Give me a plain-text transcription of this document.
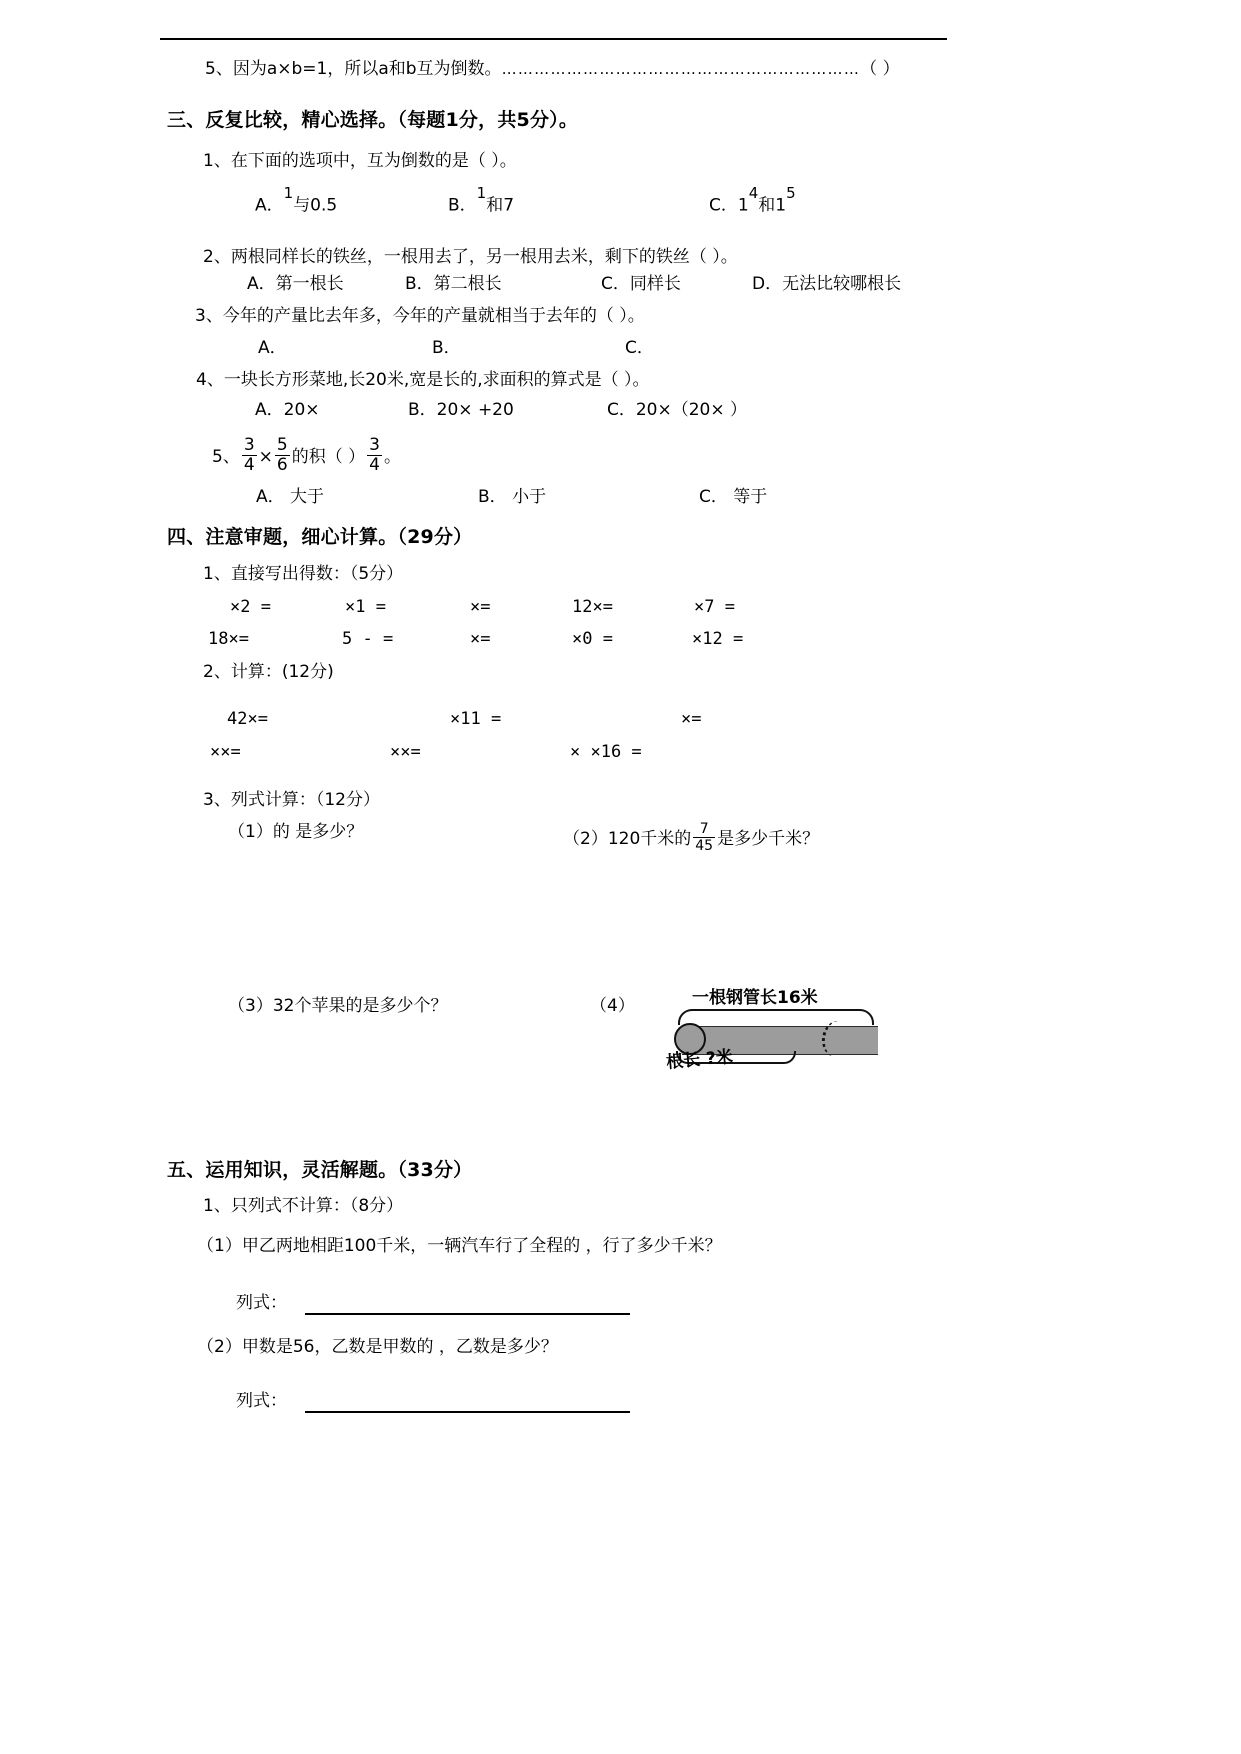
5、因为a×b=1，所以a和b互为倒数。…………………………………………………………（ ）
三、反复比较，精心选择。（每题1分，共5分）。
1、在下面的选项中，互为倒数的是（ ）。
A．1与0.5	B．1和7	C．14和15
2、两根同样长的铁丝，一根用去了，另一根用去米，剩下的铁丝（ ）。
A．第一根长	B．第二根长	C．同样长	D．无法比较哪根长
3、今年的产量比去年多，今年的产量就相当于去年的（ ）。
A．	B．	C．
4、一块长方形菜地,长20米,宽是长的,求面积的算式是（ ）。
A．20×	B．20× +20	C．20×（20× ）
5、 $\frac{3}{4} \times \frac{5}{6}$ 的积（ ） $\frac{3}{4}$ 。
A． 大于	B． 小于	C． 等于
四、注意审题，细心计算。（29分）
1、直接写出得数：（5分）
×2 =	×1 =	×=	12×=	×7 =
18×=	5 - =	×=	×0 =	×12 =
2、计算：(12分)
42×=	×11 =	×=
××=	××=	× ×16 =
3、列式计算：（12分）
（1）的 是多少？	（2）120千米的 $\frac{7}{45}$ 是多少千米？
（3）32个苹果的是多少个？	（4）	一根钢管长16米
根长 ?米
五、运用知识，灵活解题。（33分）
1、只列式不计算：（8分）
（1）甲乙两地相距100千米，一辆汽车行了全程的 ，行了多少千米？
列式：
（2）甲数是56，乙数是甲数的 ，乙数是多少？
列式：
